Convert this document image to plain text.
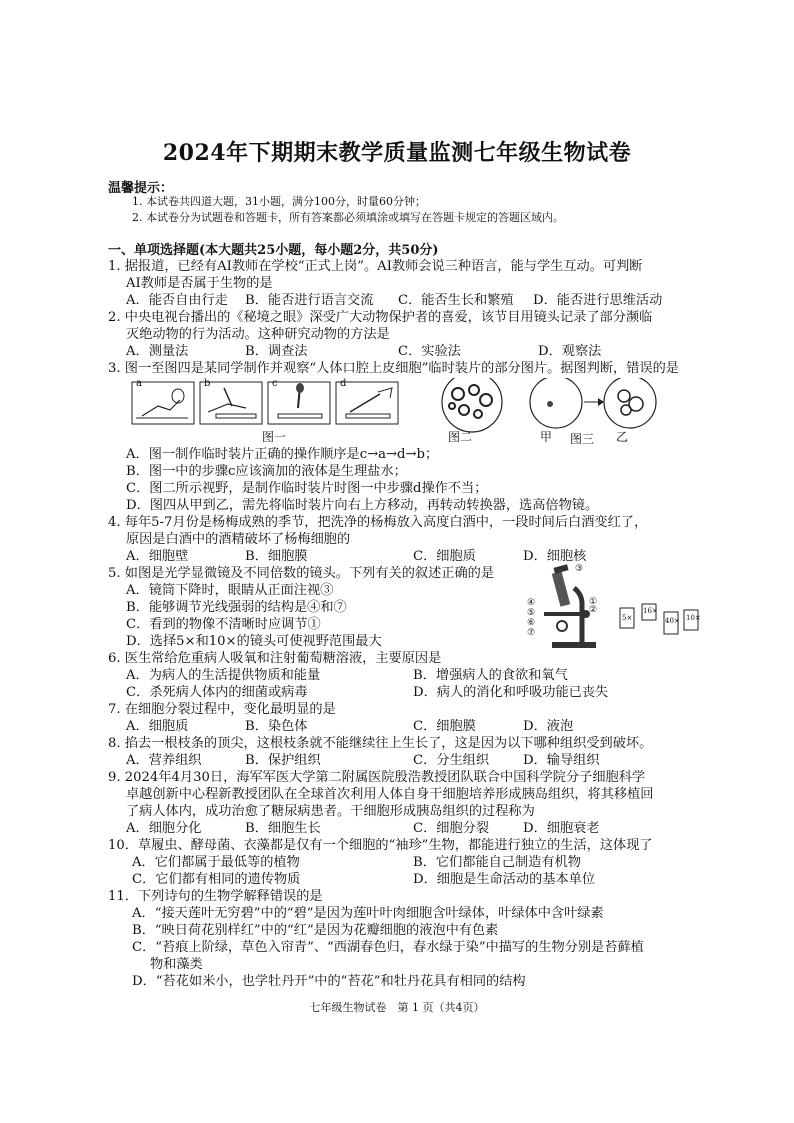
2024年下期期末教学质量监测七年级生物试卷
温馨提示：
1. 本试卷共四道大题，31小题，满分100分，时量60分钟；
2. 本试卷分为试题卷和答题卡，所有答案都必须填涂或填写在答题卡规定的答题区域内。
一、单项选择题(本大题共25小题，每小题2分，共50分)
1. 据报道，已经有AI教师在学校“正式上岗”。AI教师会说三种语言，能与学生互动。可判断
AI教师是否属于生物的是
A．能否自由行走 B．能否进行语言交流 C．能否生长和繁殖 D．能否进行思维活动
2. 中央电视台播出的《秘境之眼》深受广大动物保护者的喜爱，该节目用镜头记录了部分濒临
灭绝动物的行为活动。这种研究动物的方法是
A．测量法	B．调查法	C．实验法	D．观察法
3. 图一至图四是某同学制作并观察“人体口腔上皮细胞”临时装片的部分图片。据图判断，错误的是
a	b	c	d
图一	图二	甲 图三 乙
A．图一制作临时装片正确的操作顺序是c→a→d→b；
B．图一中的步骤c应该滴加的液体是生理盐水；
C．图二所示视野，是制作临时装片时图一中步骤d操作不当；
D．图四从甲到乙，需先将临时装片向右上方移动，再转动转换器，选高倍物镜。
4. 每年5-7月份是杨梅成熟的季节，把洗净的杨梅放入高度白酒中，一段时间后白酒变红了，
原因是白酒中的酒精破坏了杨梅细胞的
A．细胞壁	B．细胞膜	C．细胞质	D．细胞核
5. 如图是光学显微镜及不同倍数的镜头。下列有关的叙述正确的是
A．镜筒下降时，眼睛从正面注视③
B．能够调节光线强弱的结构是④和⑦
C．看到的物像不清晰时应调节①
D．选择5×和10×的镜头可使视野范围最大
③
①
②
④
⑤
⑥
⑦
5×
16×
40× 10×
6. 医生常给危重病人吸氧和注射葡萄糖溶液，主要原因是
A．为病人的生活提供物质和能量	B．增强病人的食欲和氧气
C．杀死病人体内的细菌或病毒	D．病人的消化和呼吸功能已丧失
7. 在细胞分裂过程中，变化最明显的是
A．细胞质	B．染色体	C．细胞膜	D．液泡
8. 掐去一根枝条的顶尖，这根枝条就不能继续往上生长了，这是因为以下哪种组织受到破坏。
A．营养组织	B．保护组织	C．分生组织	D．输导组织
9. 2024年4月30日，海军军医大学第二附属医院殷浩教授团队联合中国科学院分子细胞科学
卓越创新中心程新教授团队在全球首次利用人体自身干细胞培养形成胰岛组织，将其移植回
了病人体内，成功治愈了糖尿病患者。干细胞形成胰岛组织的过程称为
A．细胞分化	B．细胞生长	C．细胞分裂	D．细胞衰老
10．草履虫、酵母菌、衣藻都是仅有一个细胞的“袖珍”生物，都能进行独立的生活，这体现了
A．它们都属于最低等的植物	B．它们都能自己制造有机物
C．它们都有相同的遗传物质	D．细胞是生命活动的基本单位
11．下列诗句的生物学解释错误的是
A．“接天莲叶无穷碧”中的“碧”是因为莲叶叶肉细胞含叶绿体，叶绿体中含叶绿素
B．“映日荷花别样红”中的“红”是因为花瓣细胞的液泡中有色素
C．“苔痕上阶绿，草色入帘青”、“西湖春色归，春水绿于染”中描写的生物分别是苔藓植
物和藻类
D．“苔花如米小，也学牡丹开”中的“苔花”和牡丹花具有相同的结构
七年级生物试卷　第 1 页（共4页）
